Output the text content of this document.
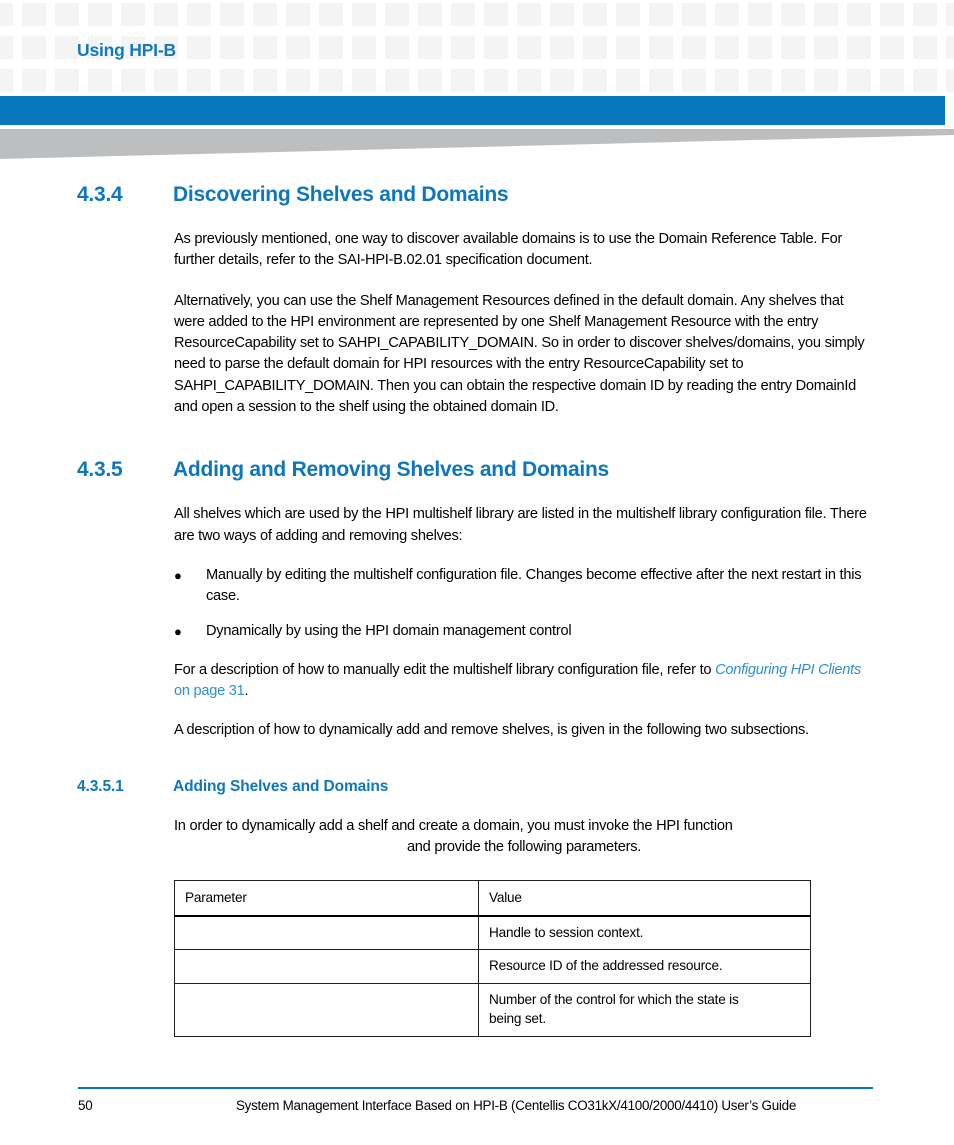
Using HPI-B
4.3.4	Discovering Shelves and Domains

As previously mentioned, one way to discover available domains is to use the Domain Reference Table. For further details, refer to the SAI-HPI-B.02.01 specification document.

Alternatively, you can use the Shelf Management Resources defined in the default domain. Any shelves that were added to the HPI environment are represented by one Shelf Management Resource with the entry ResourceCapability set to SAHPI_CAPABILITY_DOMAIN. So in order to discover shelves/domains, you simply need to parse the default domain for HPI resources with the entry ResourceCapability set to SAHPI_CAPABILITY_DOMAIN. Then you can obtain the respective domain ID by reading the entry DomainId and open a session to the shelf using the obtained domain ID.

4.3.5	Adding and Removing Shelves and Domains

All shelves which are used by the HPI multishelf library are listed in the multishelf library configuration file. There are two ways of adding and removing shelves:

●	Manually by editing the multishelf configuration file. Changes become effective after the next restart in this case.
●	Dynamically by using the HPI domain management control

For a description of how to manually edit the multishelf library configuration file, refer to Configuring HPI Clients on page 31.

A description of how to dynamically add and remove shelves, is given in the following two subsections.

4.3.5.1	Adding Shelves and Domains

In order to dynamically add a shelf and create a domain, you must invoke the HPI function

and provide the following parameters.

Parameter	Value
	Handle to session context.
	Resource ID of the addressed resource.

	Number of the control for which the state is
being set.
50	System Management Interface Based on HPI-B (Centellis CO31kX/4100/2000/4410) User’s Guide
